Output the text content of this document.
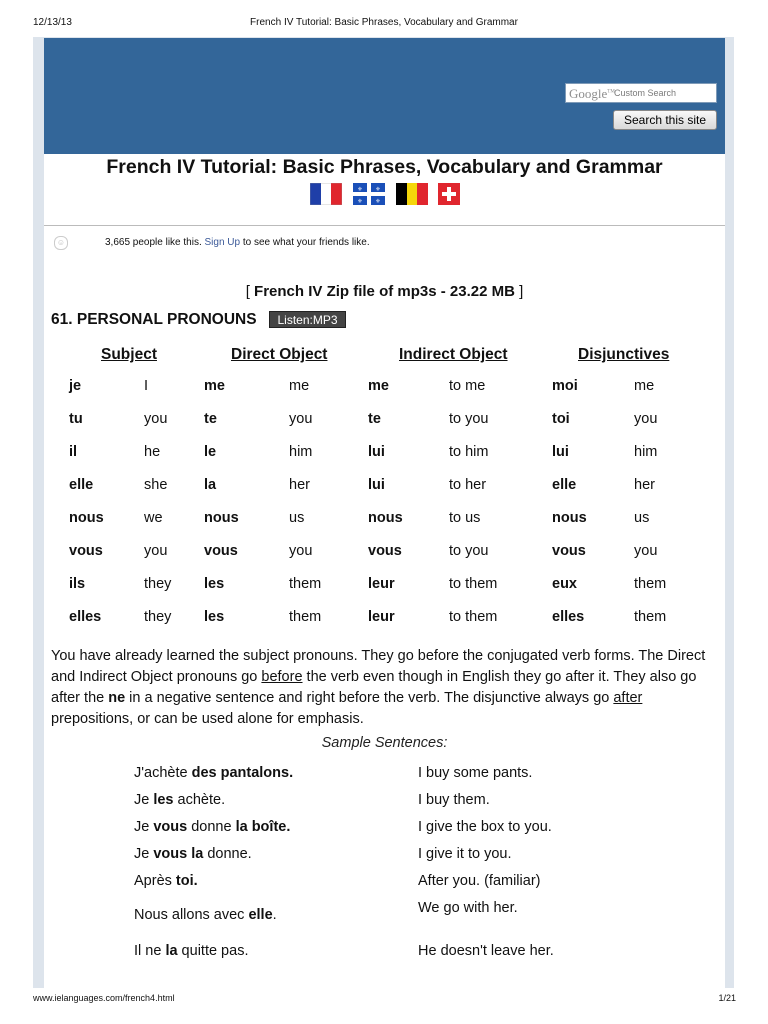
12/13/13	French IV Tutorial: Basic Phrases, Vocabulary and Grammar
Google™ Custom Search
Search this site
French IV Tutorial: Basic Phrases, Vocabulary and Grammar
⚜ ⚜
⚜ ⚜
☺	3,665 people like this. Sign Up to see what your friends like.
[ French IV Zip file of mp3s - 23.22 MB ]
61. PERSONAL PRONOUNS	Listen:MP3
Subject	Direct Object	Indirect Object	Disjunctives
je	I	me	me	me	to me	moi	me
tu	you	te	you	te	to you	toi	you
il	he	le	him	lui	to him	lui	him
elle	she	la	her	lui	to her	elle	her
nous	we	nous	us	nous	to us	nous	us
vous	you	vous	you	vous	to you	vous	you
ils	they les	them	leur	to them	eux	them
elles	they les	them	leur	to them	elles	them
You have already learned the subject pronouns. They go before the conjugated verb forms. The Direct and Indirect Object pronouns go before the verb even though in English they go after it. They also go after the ne in a negative sentence and right before the verb. The disjunctive always go after prepositions, or can be used alone for emphasis.
Sample Sentences:
J'achète des pantalons.	I buy some pants.
Je les achète.	I buy them.
Je vous donne la boîte.	I give the box to you.
Je vous la donne.	I give it to you.
Après toi.	After you. (familiar)
Nous allons avec elle.	We go with her.
Il ne la quitte pas.	He doesn't leave her.
www.ielanguages.com/french4.html	1/21
